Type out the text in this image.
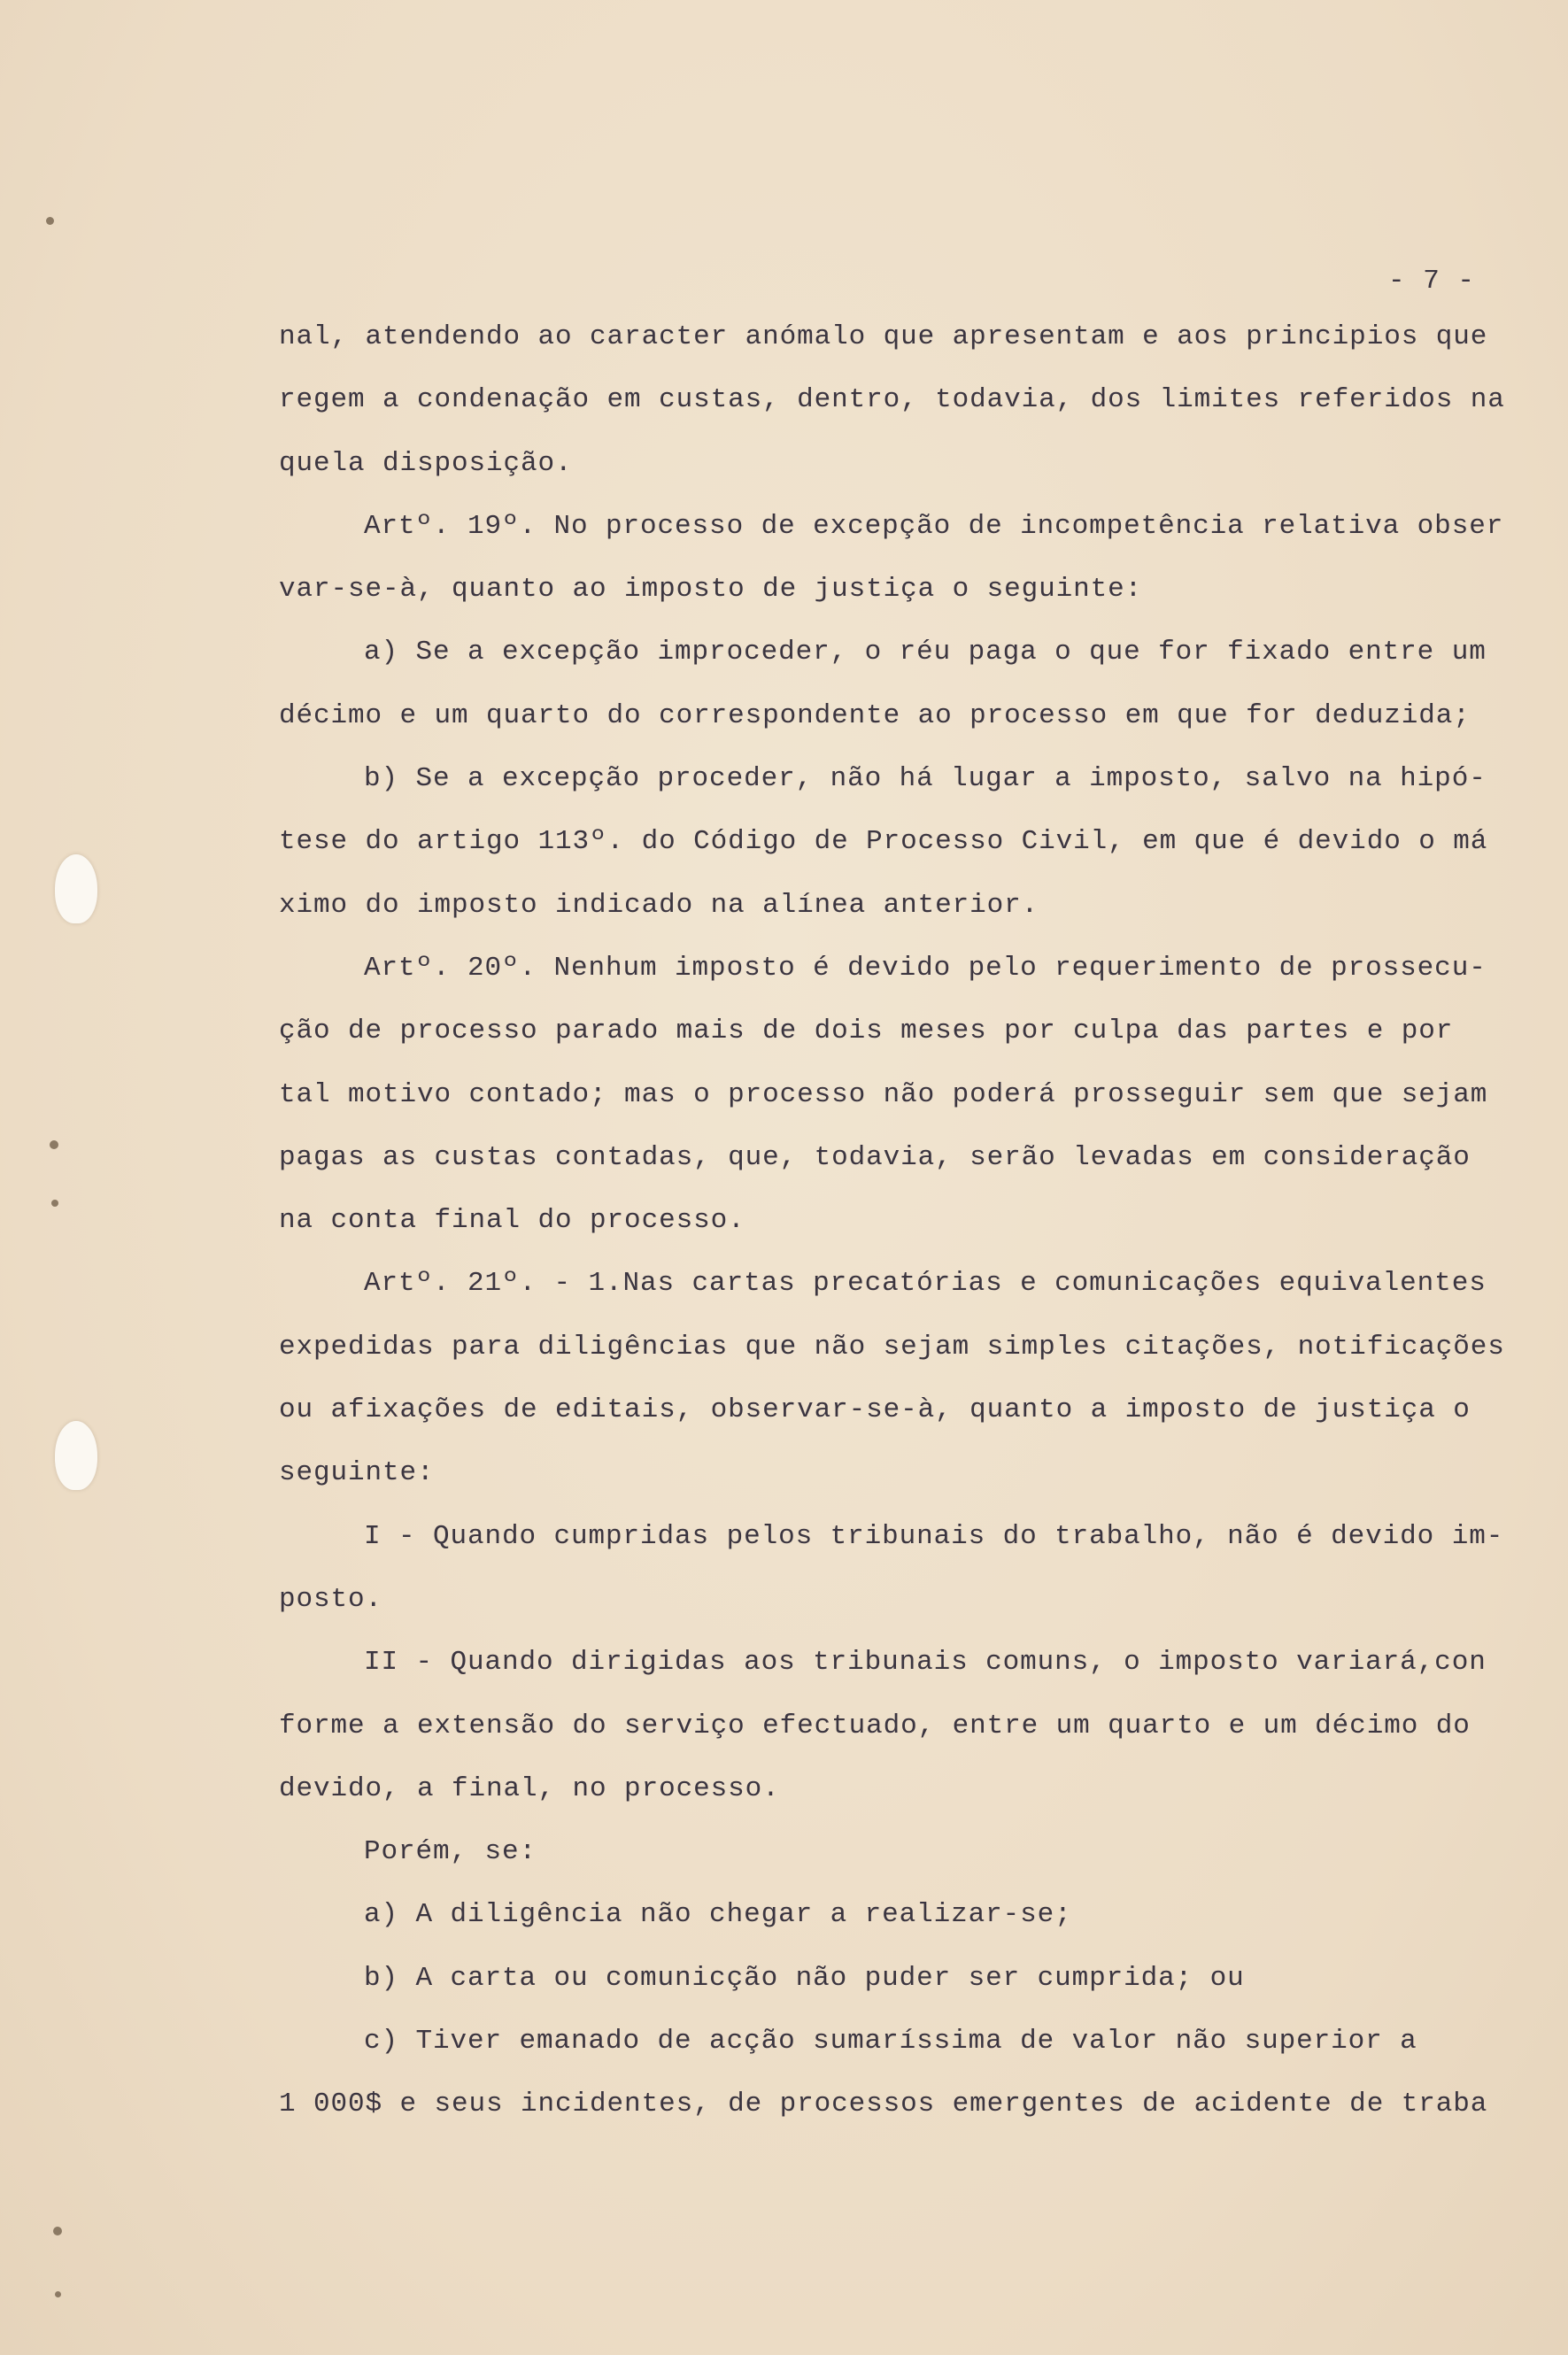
- 7 -
nal, atendendo ao caracter anómalo que apresentam e aos principios que
regem a condenação em custas, dentro, todavia, dos limites referidos na
quela disposição.
Artº. 19º. No processo de excepção de incompetência relativa obser
var-se-à, quanto ao imposto de justiça o seguinte:
a) Se a excepção improceder, o réu paga o que for fixado entre um
décimo e um quarto do correspondente ao processo em que for deduzida;
b) Se a excepção proceder, não há lugar a imposto, salvo na hipó-
tese do artigo 113º. do Código de Processo Civil, em que é devido o má
ximo do imposto indicado na alínea anterior.
Artº. 20º. Nenhum imposto é devido pelo requerimento de prossecu-
ção de processo parado mais de dois meses por culpa das partes e por
tal motivo contado; mas o processo não poderá prosseguir sem que sejam
pagas as custas contadas, que, todavia, serão levadas em consideração
na conta final do processo.
Artº. 21º. - 1.Nas cartas precatórias e comunicações equivalentes
expedidas para diligências que não sejam simples citações, notificações
ou afixações de editais, observar-se-à, quanto a imposto de justiça o
seguinte:
I - Quando cumpridas pelos tribunais do trabalho, não é devido im-
posto.
II - Quando dirigidas aos tribunais comuns, o imposto variará,con
forme a extensão do serviço efectuado, entre um quarto e um décimo do
devido, a final, no processo.
Porém, se:
a) A diligência não chegar a realizar-se;
b) A carta ou comunicção não puder ser cumprida; ou
c) Tiver emanado de acção sumaríssima de valor não superior a
1 000$ e seus incidentes, de processos emergentes de acidente de traba
